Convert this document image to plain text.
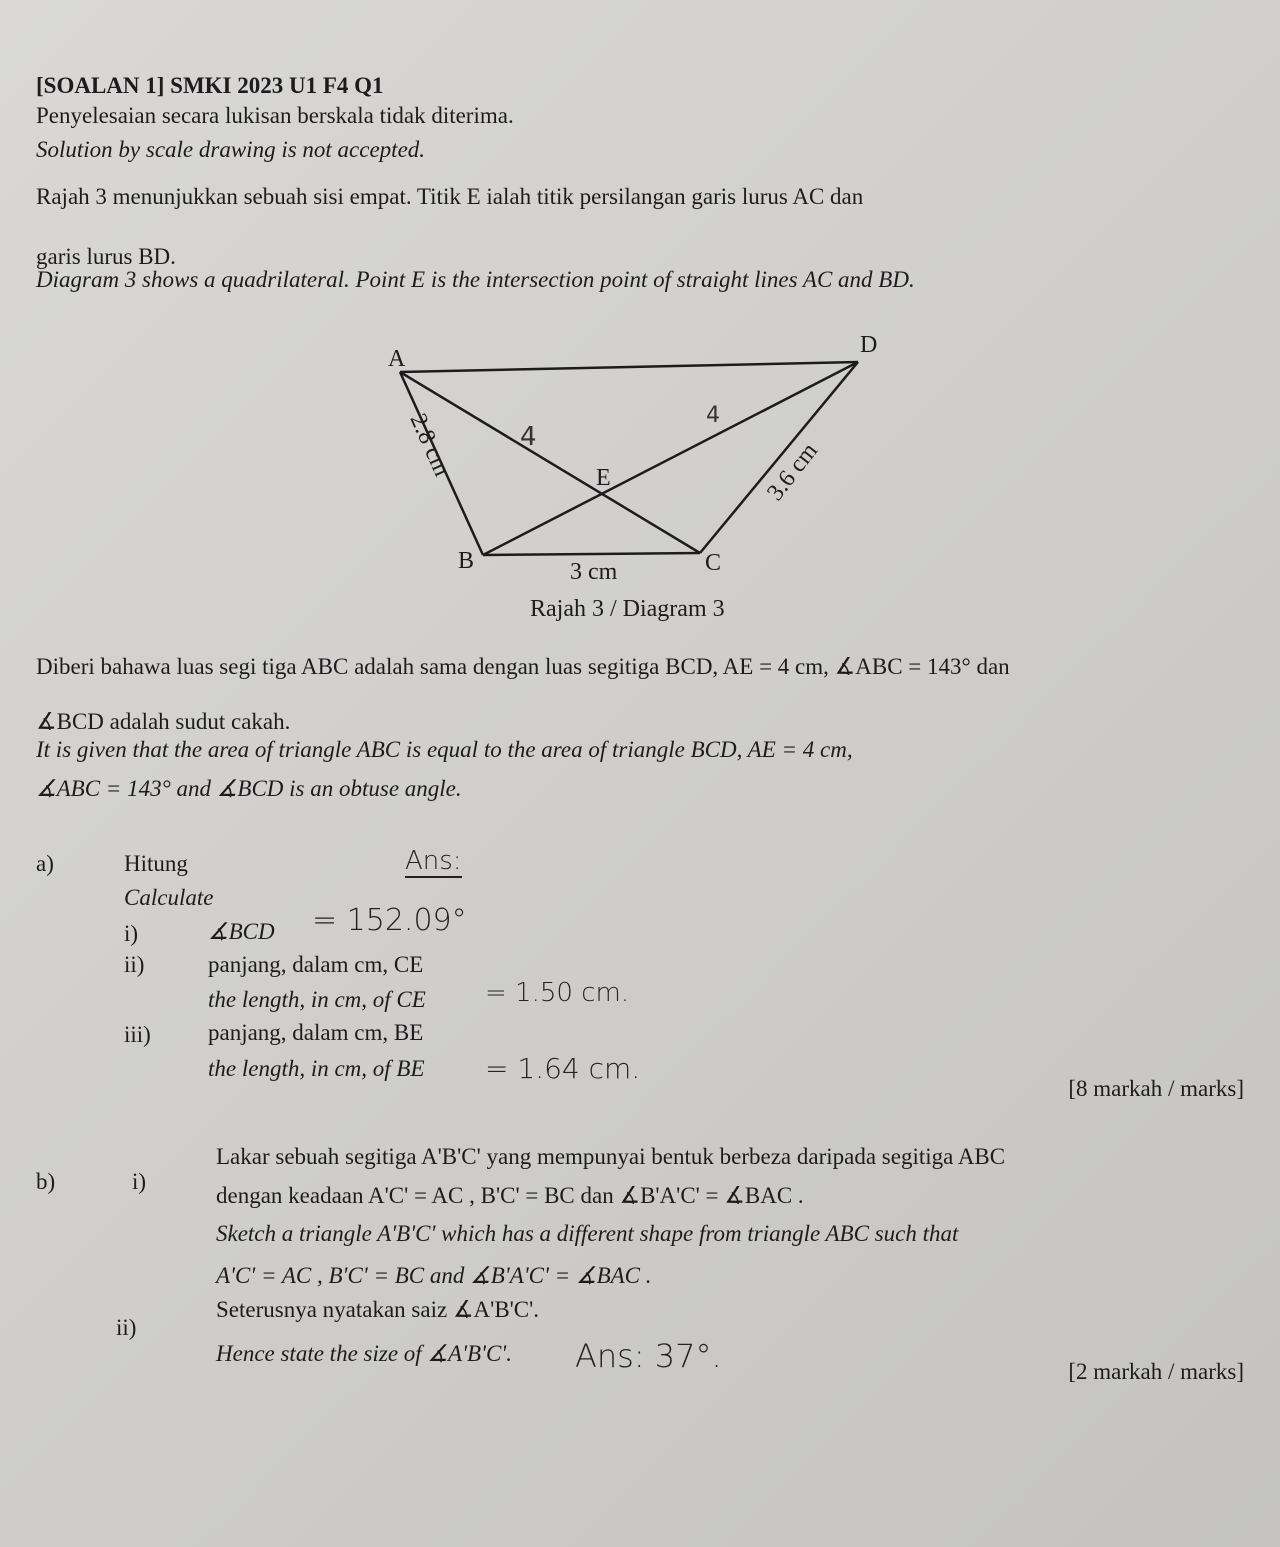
[SOALAN 1] SMKI 2023 U1 F4 Q1
Penyelesaian secara lukisan berskala tidak diterima.
Solution by scale drawing is not accepted.
Rajah 3 menunjukkan sebuah sisi empat. Titik E ialah titik persilangan garis lurus AC dan
garis lurus BD.
Diagram 3 shows a quadrilateral. Point E is the intersection point of straight lines AC and BD.
A
D
B	C
E
2.8 cm
3 cm
3.6 cm
4
4
Rajah 3 / Diagram 3
Diberi bahawa luas segi tiga ABC adalah sama dengan luas segitiga BCD, AE = 4 cm, ∡ABC = 143° dan
∡BCD adalah sudut cakah.
It is given that the area of triangle ABC is equal to the area of triangle BCD, AE = 4 cm,
∡ABC = 143° and ∡BCD is an obtuse angle.
a)	Hitung	Ans:
Calculate
i)	∡BCD = 152.09°
ii)	panjang, dalam cm, CE
the length, in cm, of CE = 1.50 cm.
iii) panjang, dalam cm, BE
the length, in cm, of BE = 1.64 cm.
[8 markah / marks]
b)	i)
Lakar sebuah segitiga A'B'C' yang mempunyai bentuk berbeza daripada segitiga ABC
dengan keadaan A'C' = AC , B'C' = BC dan ∡B'A'C' = ∡BAC .
Sketch a triangle A'B'C' which has a different shape from triangle ABC such that
A'C' = AC , B'C' = BC and ∡B'A'C' = ∡BAC .
ii)
Seterusnya nyatakan saiz ∡A'B'C'.
Hence state the size of ∡A'B'C'. Ans: 37°.	[2 markah / marks]
